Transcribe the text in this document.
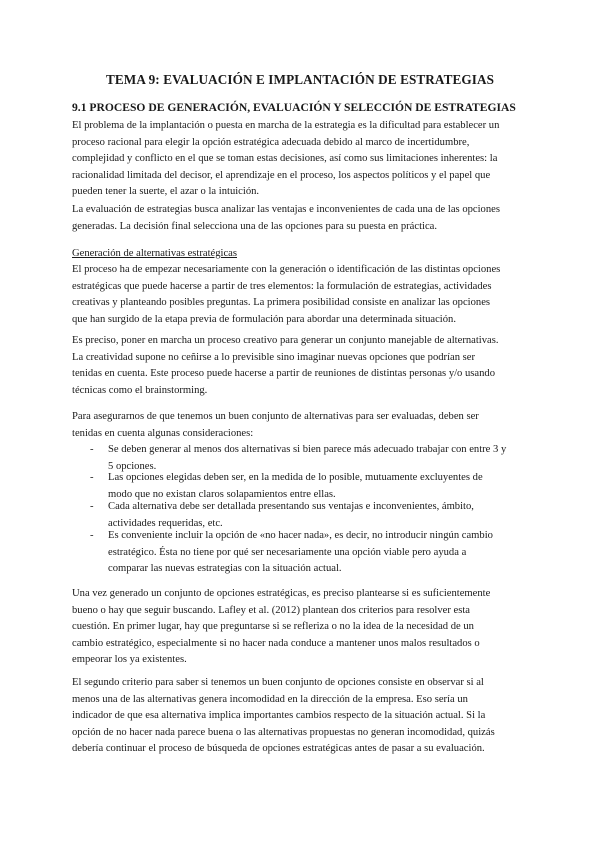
TEMA 9: EVALUACIÓN E IMPLANTACIÓN DE ESTRATEGIAS
9.1 PROCESO DE GENERACIÓN, EVALUACIÓN Y SELECCIÓN DE ESTRATEGIAS
El problema de la implantación o puesta en marcha de la estrategia es la dificultad para establecer un
proceso racional para elegir la opción estratégica adecuada debido al marco de incertidumbre,
complejidad y conflicto en el que se toman estas decisiones, así como sus limitaciones inherentes: la
racionalidad limitada del decisor, el aprendizaje en el proceso, los aspectos políticos y el papel que
pueden tener la suerte, el azar o la intuición.
La evaluación de estrategias busca analizar las ventajas e inconvenientes de cada una de las opciones
generadas. La decisión final selecciona una de las opciones para su puesta en práctica.
Generación de alternativas estratégicas
El proceso ha de empezar necesariamente con la generación o identificación de las distintas opciones
estratégicas que puede hacerse a partir de tres elementos: la formulación de estrategias, actividades
creativas y planteando posibles preguntas. La primera posibilidad consiste en analizar las opciones
que han surgido de la etapa previa de formulación para abordar una determinada situación.
Es preciso, poner en marcha un proceso creativo para generar un conjunto manejable de alternativas.
La creatividad supone no ceñirse a lo previsible sino imaginar nuevas opciones que podrían ser
tenidas en cuenta. Este proceso puede hacerse a partir de reuniones de distintas personas y/o usando
técnicas como el brainstorming.
Para asegurarnos de que tenemos un buen conjunto de alternativas para ser evaluadas, deben ser
tenidas en cuenta algunas consideraciones:
-	Se deben generar al menos dos alternativas si bien parece más adecuado trabajar con entre 3 y
5 opciones.
-	Las opciones elegidas deben ser, en la medida de lo posible, mutuamente excluyentes de
modo que no existan claros solapamientos entre ellas.
-	Cada alternativa debe ser detallada presentando sus ventajas e inconvenientes, ámbito,
actividades requeridas, etc.
-	Es conveniente incluir la opción de «no hacer nada», es decir, no introducir ningún cambio
estratégico. Ésta no tiene por qué ser necesariamente una opción viable pero ayuda a
comparar las nuevas estrategias con la situación actual.
Una vez generado un conjunto de opciones estratégicas, es preciso plantearse si es suficientemente
bueno o hay que seguir buscando. Lafley et al. (2012) plantean dos criterios para resolver esta
cuestión. En primer lugar, hay que preguntarse si se refleriza o no la idea de la necesidad de un
cambio estratégico, especialmente si no hacer nada conduce a mantener unos malos resultados o
empeorar los ya existentes.
El segundo criterio para saber si tenemos un buen conjunto de opciones consiste en observar si al
menos una de las alternativas genera incomodidad en la dirección de la empresa. Eso sería un
indicador de que esa alternativa implica importantes cambios respecto de la situación actual. Si la
opción de no hacer nada parece buena o las alternativas propuestas no generan incomodidad, quizás
debería continuar el proceso de búsqueda de opciones estratégicas antes de pasar a su evaluación.
